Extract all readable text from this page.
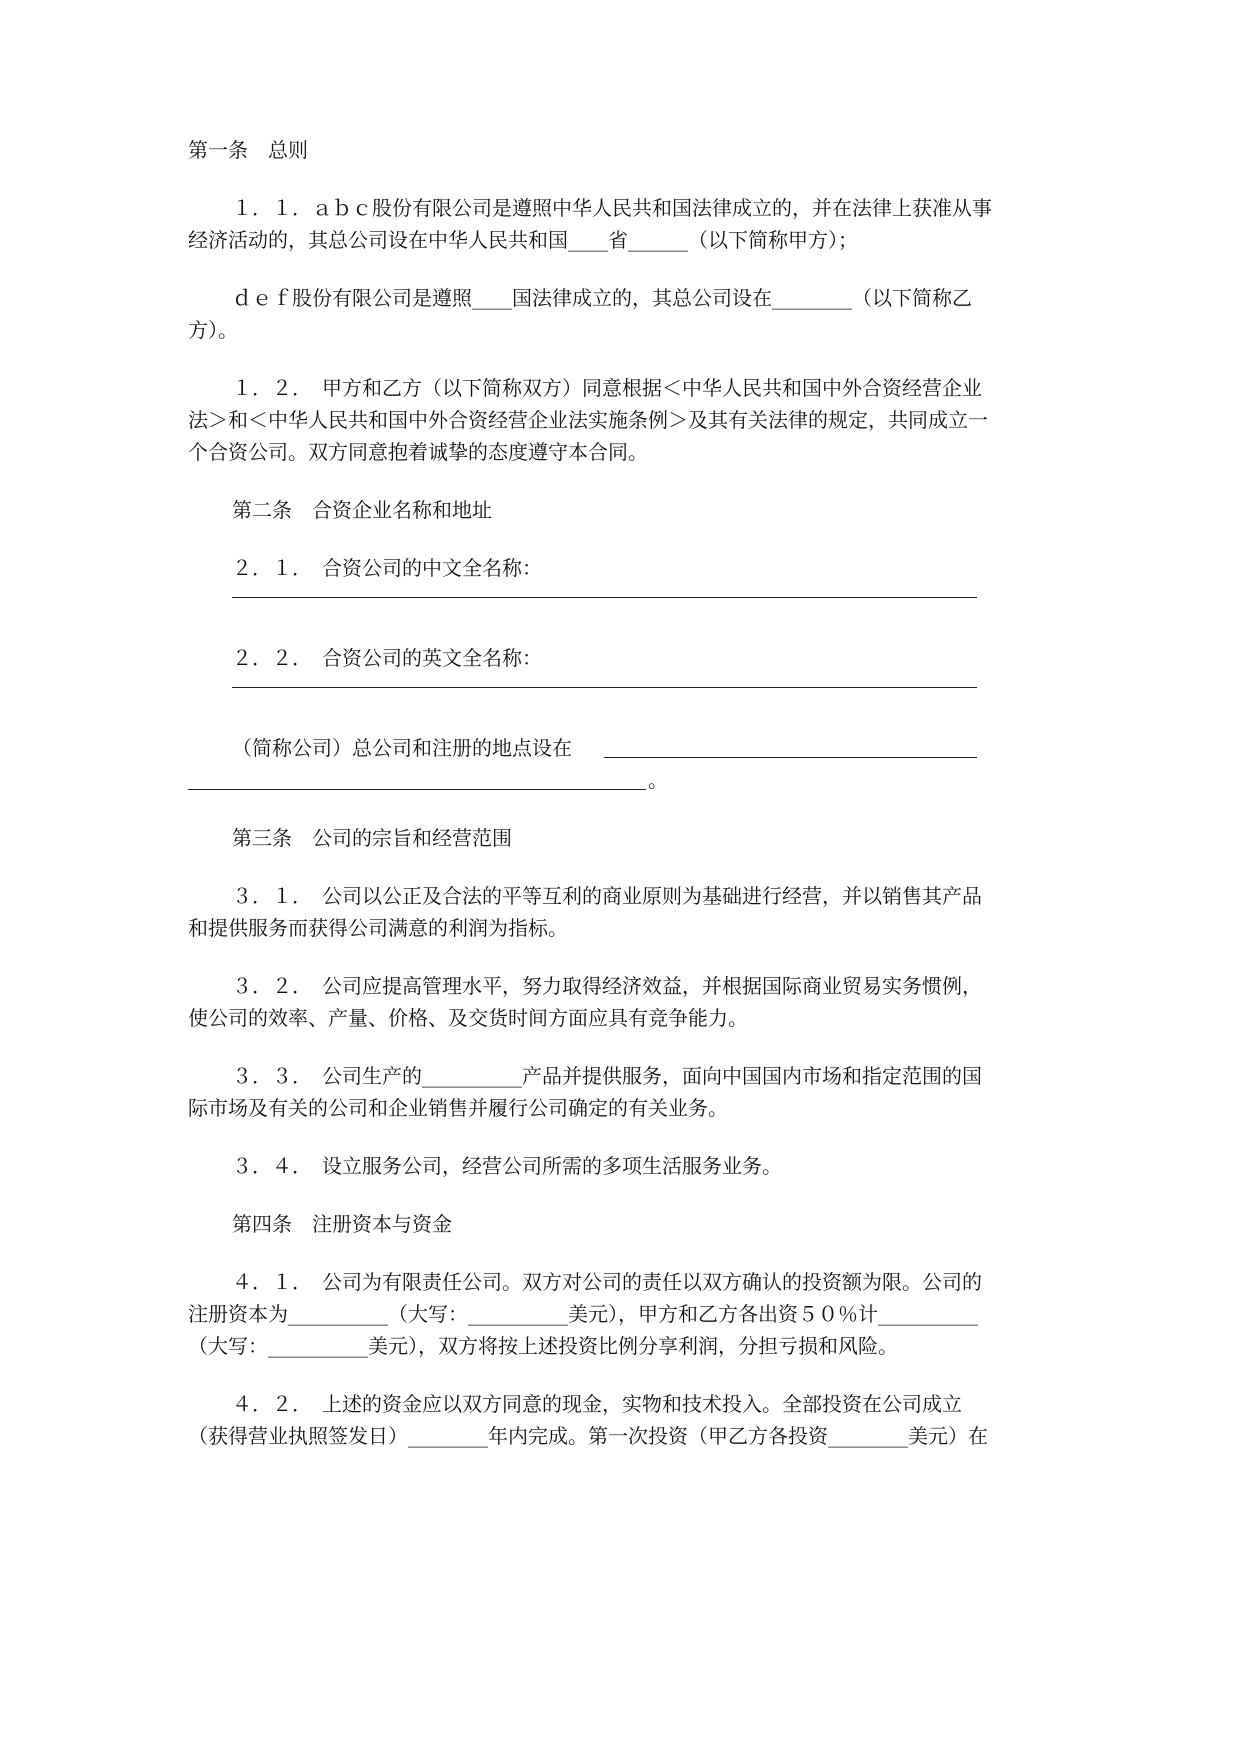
第一条　总则

１．１．ａｂｃ股份有限公司是遵照中华人民共和国法律成立的，并在法律上获准从事

经济活动的，其总公司设在中华人民共和国____省______（以下简称甲方）；

ｄｅｆ股份有限公司是遵照____国法律成立的，其总公司设在________（以下简称乙

方）。

１．２．　甲方和乙方（以下简称双方）同意根据＜中华人民共和国中外合资经营企业

法＞和＜中华人民共和国中外合资经营企业法实施条例＞及其有关法律的规定，共同成立一

个合资公司。双方同意抱着诚挚的态度遵守本合同。

第二条　合资企业名称和地址

２．１．　合资公司的中文全名称：

２．２．　合资公司的英文全名称：

（简称公司）总公司和注册的地点设在

。

第三条　公司的宗旨和经营范围

３．１．　公司以公正及合法的平等互利的商业原则为基础进行经营，并以销售其产品

和提供服务而获得公司满意的利润为指标。

３．２．　公司应提高管理水平，努力取得经济效益，并根据国际商业贸易实务惯例，

使公司的效率、产量、价格、及交货时间方面应具有竞争能力。

３．３．　公司生产的__________产品并提供服务，面向中国国内市场和指定范围的国

际市场及有关的公司和企业销售并履行公司确定的有关业务。

３．４．　设立服务公司，经营公司所需的多项生活服务业务。

第四条　注册资本与资金

４．１．　公司为有限责任公司。双方对公司的责任以双方确认的投资额为限。公司的

注册资本为__________（大写：__________美元），甲方和乙方各出资５０％计__________

（大写：__________美元），双方将按上述投资比例分享利润，分担亏损和风险。

４．２．　上述的资金应以双方同意的现金，实物和技术投入。全部投资在公司成立

（获得营业执照签发日）________年内完成。第一次投资（甲乙方各投资________美元）在
